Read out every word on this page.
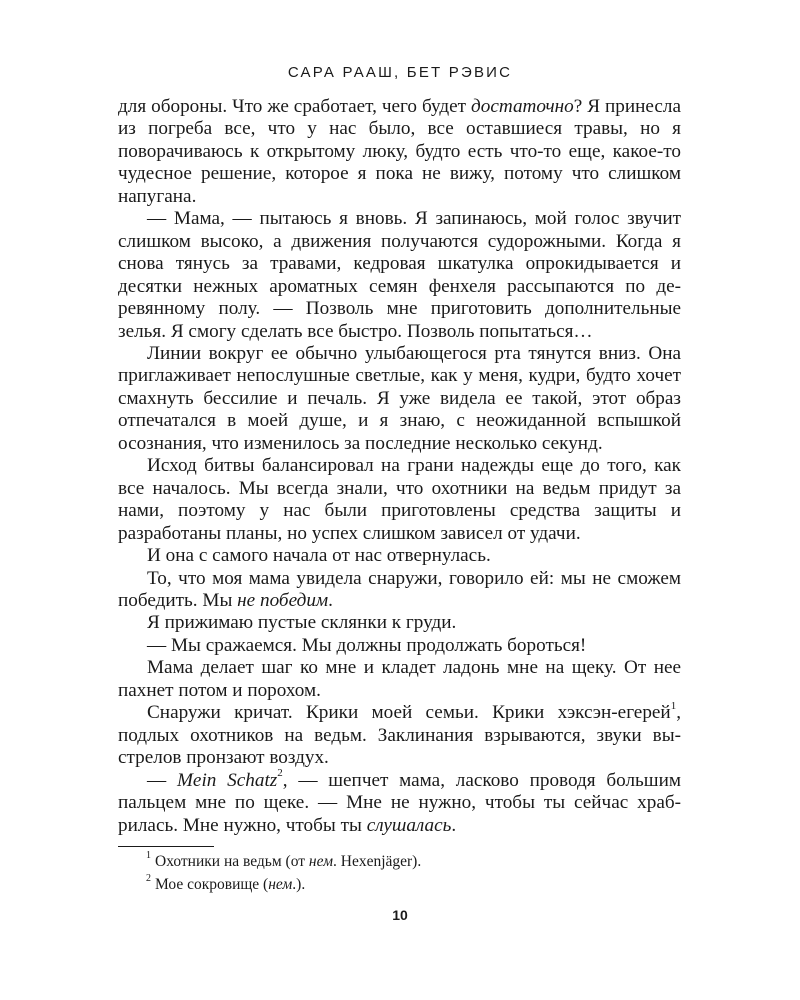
САРА РААШ, БЕТ РЭВИС

для обороны. Что же сработает, чего будет достаточно? Я принесла из погреба все, что у нас было, все оставшиеся травы, но я поворачиваюсь к открытому люку, будто есть что-то еще, какое-то чудесное решение, которое я пока не вижу, потому что слишком напугана.

— Мама, — пытаюсь я вновь. Я запинаюсь, мой голос звучит слишком высоко, а движения получаются судорожными. Когда я снова тянусь за травами, кедровая шкатулка опрокидывается и десятки нежных ароматных семян фенхеля рассыпаются по деревянному полу. — Позволь мне приготовить дополнительные зелья. Я смогу сделать все быстро. Позволь попытаться…

Линии вокруг ее обычно улыбающегося рта тянутся вниз. Она приглаживает непослушные светлые, как у меня, кудри, будто хочет смахнуть бессилие и печаль. Я уже видела ее такой, этот образ отпечатался в моей душе, и я знаю, с неожиданной вспышкой осознания, что изменилось за последние несколько секунд.

Исход битвы балансировал на грани надежды еще до того, как все началось. Мы всегда знали, что охотники на ведьм придут за нами, поэтому у нас были приготовлены средства защиты и разработаны планы, но успех слишком зависел от удачи.

И она с самого начала от нас отвернулась.

То, что моя мама увидела снаружи, говорило ей: мы не сможем победить. Мы не победим.

Я прижимаю пустые склянки к груди.

— Мы сражаемся. Мы должны продолжать бороться!

Мама делает шаг ко мне и кладет ладонь мне на щеку. От нее пахнет потом и порохом.

Снаружи кричат. Крики моей семьи. Крики хэксэн-егерей$^1$, подлых охотников на ведьм. Заклинания взрываются, звуки выстрелов пронзают воздух.

— Mein Schatz$^2$, — шепчет мама, ласково проводя большим пальцем мне по щеке. — Мне не нужно, чтобы ты сейчас храбрилась. Мне нужно, чтобы ты слушалась.

$^1$ Охотники на ведьм (от нем. Hexenjäger).
$^2$ Мое сокровище (нем.).
10
